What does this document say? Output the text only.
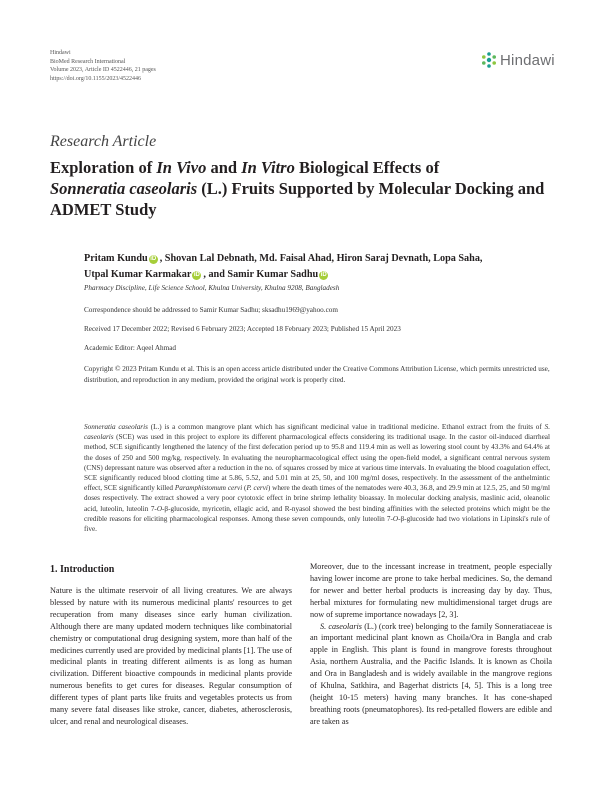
Hindawi
BioMed Research International
Volume 2023, Article ID 4522446, 21 pages
https://doi.org/10.1155/2023/4522446
Hindawi
Research Article
Exploration of In Vivo and In Vitro Biological Effects of
Sonneratia caseolaris (L.) Fruits Supported by Molecular Docking and ADMET Study
Pritam Kundu iD , Shovan Lal Debnath, Md. Faisal Ahad, Hiron Saraj Devnath, Lopa Saha,
Utpal Kumar Karmakar iD , and Samir Kumar Sadhu iD
Pharmacy Discipline, Life Science School, Khulna University, Khulna 9208, Bangladesh
Correspondence should be addressed to Samir Kumar Sadhu; sksadhu1969@yahoo.com
Received 17 December 2022; Revised 6 February 2023; Accepted 18 February 2023; Published 15 April 2023
Academic Editor: Aqeel Ahmad
Copyright © 2023 Pritam Kundu et al. This is an open access article distributed under the Creative Commons Attribution License, which permits unrestricted use, distribution, and reproduction in any medium, provided the original work is properly cited.

Sonneratia caseolaris (L.) is a common mangrove plant which has significant medicinal value in traditional medicine. Ethanol extract from the fruits of S. caseolaris (SCE) was used in this project to explore its different pharmacological effects considering its traditional usage. In the castor oil-induced diarrheal method, SCE significantly lengthened the latency of the first defecation period up to 95.8 and 119.4 min as well as lowering stool count by 43.3% and 64.4% at the doses of 250 and 500 mg/kg, respectively. In evaluating the neuropharmacological effect using the open-field model, a significant central nervous system (CNS) depressant nature was observed after a reduction in the no. of squares crossed by mice at various time intervals. In evaluating the blood coagulation effect, SCE significantly reduced blood clotting time at 5.86, 5.52, and 5.01 min at 25, 50, and 100 mg/ml doses, respectively. In the assessment of the anthelmintic effect, SCE significantly killed Paramphistomum cervi (P. cervi) where the death times of the nematodes were 40.3, 36.8, and 29.9 min at 12.5, 25, and 50 mg/ml doses respectively. The extract showed a very poor cytotoxic effect in brine shrimp lethality bioassay. In molecular docking analysis, maslinic acid, oleanolic acid, luteolin, luteolin 7-O-β-glucoside, myricetin, ellagic acid, and R-nyasol showed the best binding affinities with the selected proteins which might be the credible reasons for eliciting pharmacological responses. Among these seven compounds, only luteolin 7-O-β-glucoside had two violations in Lipinski's rule of five.

1. Introduction

Nature is the ultimate reservoir of all living creatures. We are always blessed by nature with its numerous medicinal plants' resources to get recuperation from many diseases since early human civilization. Although there are many updated modern techniques like combinatorial chemistry or computational drug designing system, more than half of the medicines currently used are provided by medicinal plants [1]. The use of medicinal plants in treating different ailments is as long as human civilization. Different bioactive compounds in medicinal plants provide numerous benefits to get cures for diseases. Regular consumption of different types of plant parts like fruits and vegetables protects us from many severe fatal diseases like stroke, cancer, diabetes, atherosclerosis, ulcer, and renal and neurological diseases.

Moreover, due to the incessant increase in treatment, people especially having lower income are prone to take herbal medicines. So, the demand for newer and better herbal products is increasing day by day. Thus, herbal mixtures for formulating new multidimensional target drugs are now of supreme importance nowadays [2, 3].

S. caseolaris (L.) (cork tree) belonging to the family Sonneratiaceae is an important medicinal plant known as Choila/Ora in Bangla and crab apple in English. This plant is found in mangrove forests throughout Asia, northern Australia, and the Pacific Islands. It is known as Choila and Ora in Bangladesh and is widely available in the mangrove regions of Khulna, Satkhira, and Bagerhat districts [4, 5]. This is a long tree (height 10-15 meters) having many branches. It has cone-shaped breathing roots (pneumatophores). Its red-petalled flowers are edible and are taken as
